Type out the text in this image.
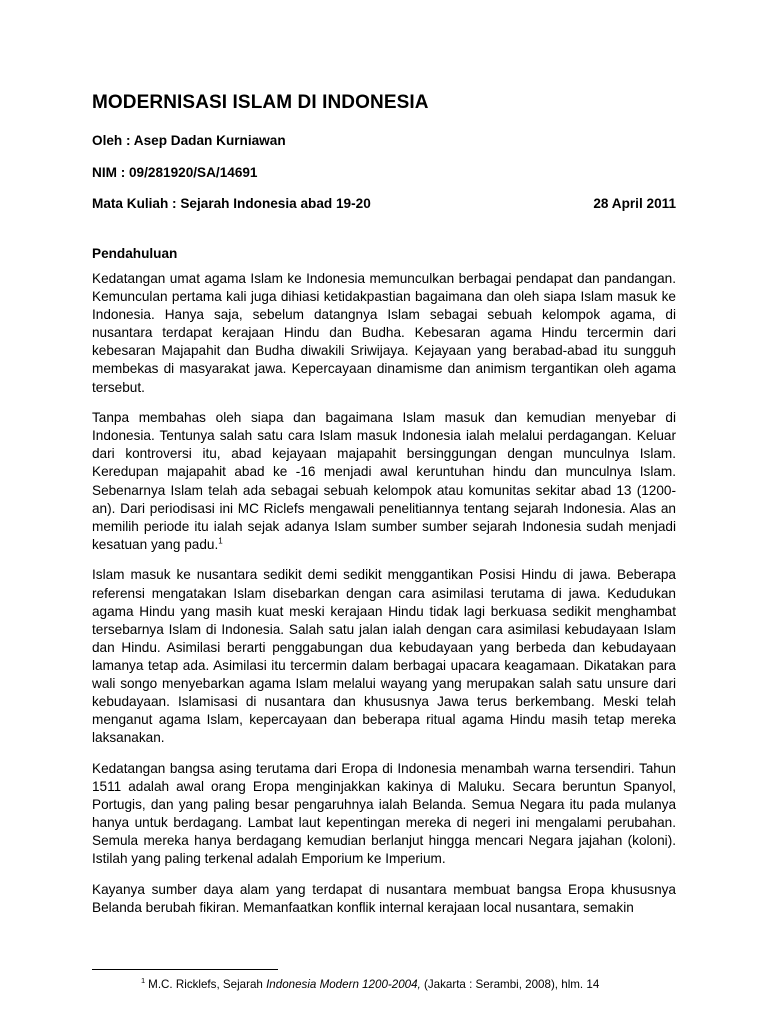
MODERNISASI ISLAM DI INDONESIA

Oleh : Asep Dadan Kurniawan

NIM : 09/281920/SA/14691

Mata Kuliah : Sejarah Indonesia abad 19-20	28 April 2011

Pendahuluan

Kedatangan umat agama Islam ke Indonesia memunculkan berbagai pendapat dan pandangan. Kemunculan pertama kali juga dihiasi ketidakpastian bagaimana dan oleh siapa Islam masuk ke Indonesia. Hanya saja, sebelum datangnya Islam sebagai sebuah kelompok agama, di nusantara terdapat kerajaan Hindu dan Budha. Kebesaran agama Hindu tercermin dari kebesaran Majapahit dan Budha diwakili Sriwijaya. Kejayaan yang berabad-abad itu sungguh membekas di masyarakat jawa. Kepercayaan dinamisme dan animism tergantikan oleh agama tersebut.

Tanpa membahas oleh siapa dan bagaimana Islam masuk dan kemudian menyebar di Indonesia. Tentunya salah satu cara Islam masuk Indonesia ialah melalui perdagangan. Keluar dari kontroversi itu, abad kejayaan majapahit bersinggungan dengan munculnya Islam. Keredupan majapahit abad ke -16 menjadi awal keruntuhan hindu dan munculnya Islam. Sebenarnya Islam telah ada sebagai sebuah kelompok atau komunitas sekitar abad 13 (1200-an). Dari periodisasi ini MC Riclefs mengawali penelitiannya tentang sejarah Indonesia. Alas an memilih periode itu ialah sejak adanya Islam sumber sumber sejarah Indonesia sudah menjadi kesatuan yang padu.$^1$

Islam masuk ke nusantara sedikit demi sedikit menggantikan Posisi Hindu di jawa. Beberapa referensi mengatakan Islam disebarkan dengan cara asimilasi terutama di jawa. Kedudukan agama Hindu yang masih kuat meski kerajaan Hindu tidak lagi berkuasa sedikit menghambat tersebarnya Islam di Indonesia. Salah satu jalan ialah dengan cara asimilasi kebudayaan Islam dan Hindu. Asimilasi berarti penggabungan dua kebudayaan yang berbeda dan kebudayaan lamanya tetap ada. Asimilasi itu tercermin dalam berbagai upacara keagamaan. Dikatakan para wali songo menyebarkan agama Islam melalui wayang yang merupakan salah satu unsure dari kebudayaan. Islamisasi di nusantara dan khususnya Jawa terus berkembang. Meski telah menganut agama Islam, kepercayaan dan beberapa ritual agama Hindu masih tetap mereka laksanakan.

Kedatangan bangsa asing terutama dari Eropa di Indonesia menambah warna tersendiri. Tahun 1511 adalah awal orang Eropa menginjakkan kakinya di Maluku. Secara beruntun Spanyol, Portugis, dan yang paling besar pengaruhnya ialah Belanda. Semua Negara itu pada mulanya hanya untuk berdagang. Lambat laut kepentingan mereka di negeri ini mengalami perubahan. Semula mereka hanya berdagang kemudian berlanjut hingga mencari Negara jajahan (koloni). Istilah yang paling terkenal adalah Emporium ke Imperium.

Kayanya sumber daya alam yang terdapat di nusantara membuat bangsa Eropa khususnya Belanda berubah fikiran. Memanfaatkan konflik internal kerajaan local nusantara, semakin

$^1$ M.C. Ricklefs, Sejarah Indonesia Modern 1200-2004, (Jakarta : Serambi, 2008), hlm. 14
